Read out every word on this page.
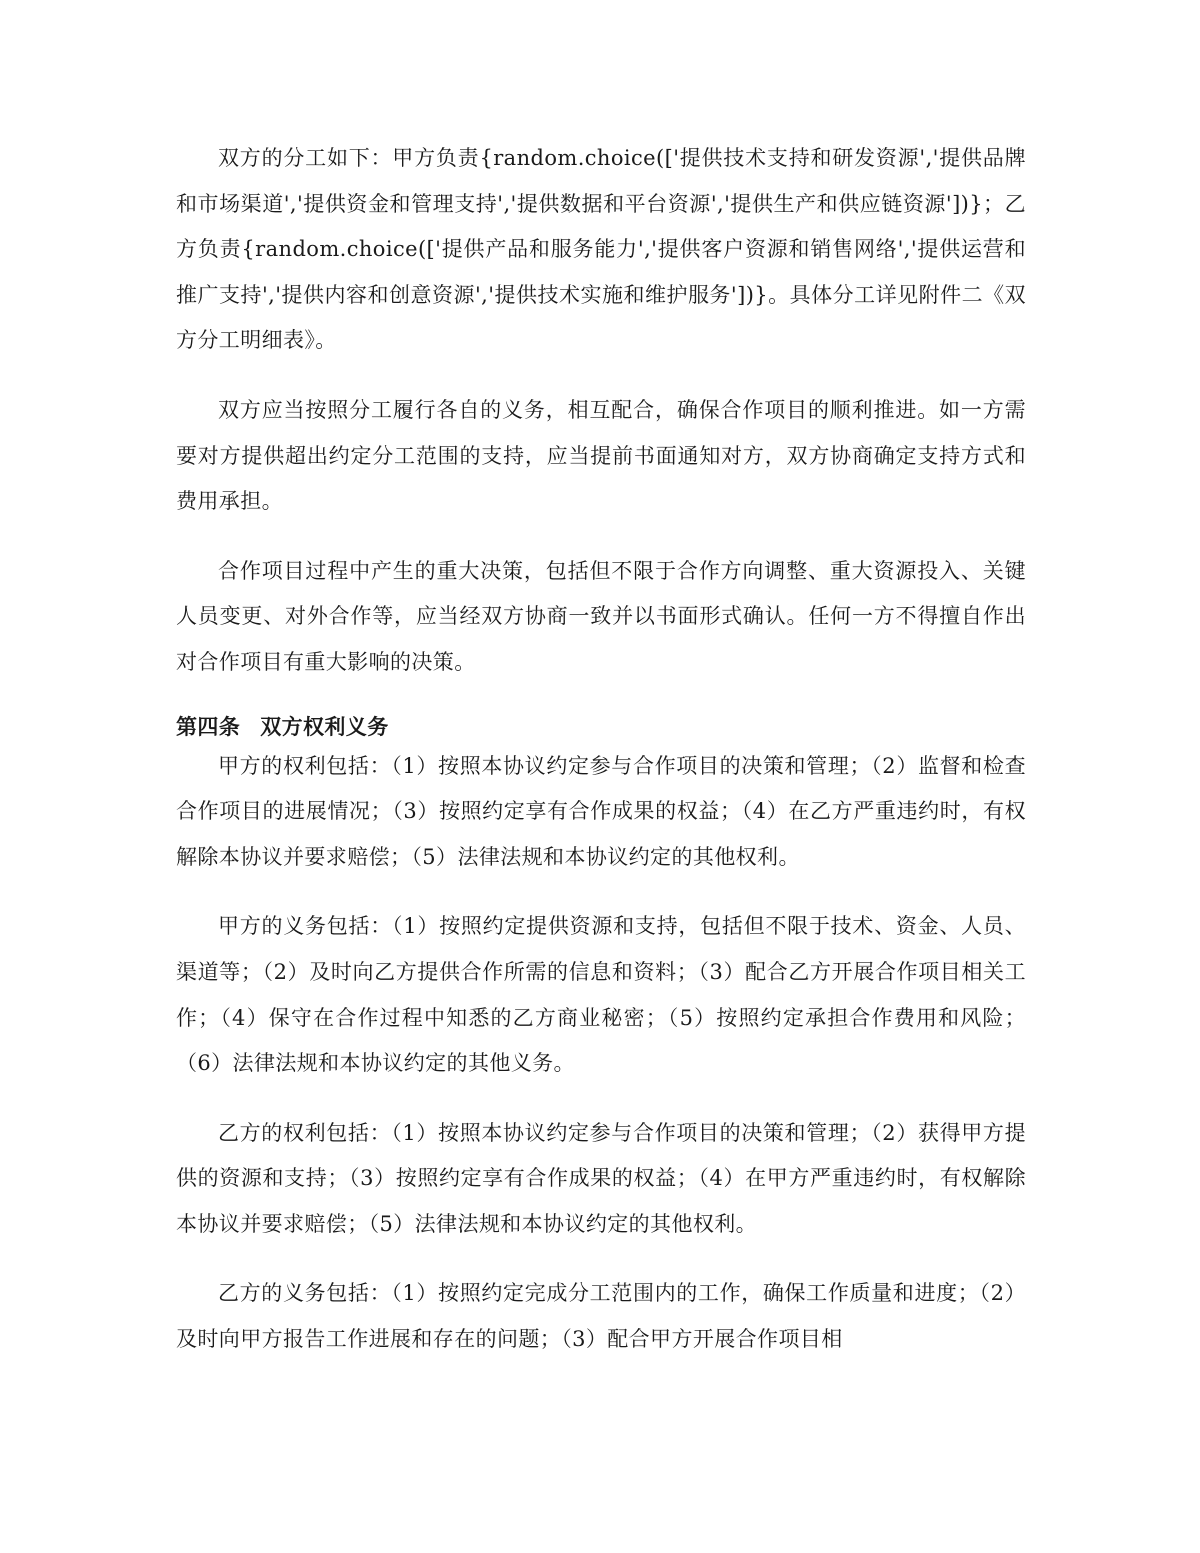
双方的分工如下：甲方负责{random.choice(['提供技术支持和研发资源','提供品牌和市场渠道','提供资金和管理支持','提供数据和平台资源','提供生产和供应链资源'])}；乙方负责{random.choice(['提供产品和服务能力','提供客户资源和销售网络','提供运营和推广支持','提供内容和创意资源','提供技术实施和维护服务'])}。具体分工详见附件二《双方分工明细表》。

双方应当按照分工履行各自的义务，相互配合，确保合作项目的顺利推进。如一方需要对方提供超出约定分工范围的支持，应当提前书面通知对方，双方协商确定支持方式和费用承担。

合作项目过程中产生的重大决策，包括但不限于合作方向调整、重大资源投入、关键人员变更、对外合作等，应当经双方协商一致并以书面形式确认。任何一方不得擅自作出对合作项目有重大影响的决策。

第四条 双方权利义务

甲方的权利包括：（1）按照本协议约定参与合作项目的决策和管理；（2）监督和检查合作项目的进展情况；（3）按照约定享有合作成果的权益；（4）在乙方严重违约时，有权解除本协议并要求赔偿；（5）法律法规和本协议约定的其他权利。

甲方的义务包括：（1）按照约定提供资源和支持，包括但不限于技术、资金、人员、渠道等；（2）及时向乙方提供合作所需的信息和资料；（3）配合乙方开展合作项目相关工作；（4）保守在合作过程中知悉的乙方商业秘密；（5）按照约定承担合作费用和风险；（6）法律法规和本协议约定的其他义务。

乙方的权利包括：（1）按照本协议约定参与合作项目的决策和管理；（2）获得甲方提供的资源和支持；（3）按照约定享有合作成果的权益；（4）在甲方严重违约时，有权解除本协议并要求赔偿；（5）法律法规和本协议约定的其他权利。

乙方的义务包括：（1）按照约定完成分工范围内的工作，确保工作质量和进度；（2）及时向甲方报告工作进展和存在的问题；（3）配合甲方开展合作项目相
